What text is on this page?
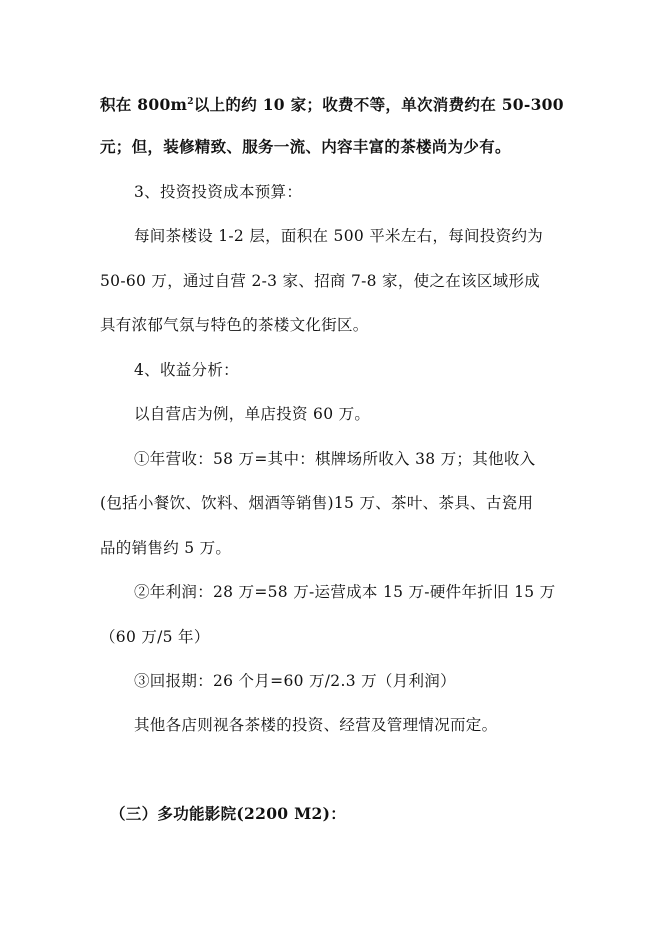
积在 $800m^2$以上的约 10 家；收费不等，单次消费约在 50-300
元；但，装修精致、服务一流、内容丰富的茶楼尚为少有。
3、投资投资成本预算：
每间茶楼设 1-2 层，面积在 500 平米左右，每间投资约为
50-60 万，通过自营 2-3 家、招商 7-8 家，使之在该区域形成
具有浓郁气氛与特色的茶楼文化街区。
4、收益分析：
以自营店为例，单店投资 60 万。
①年营收：58 万=其中：棋牌场所收入 38 万；其他收入
(包括小餐饮、饮料、烟酒等销售)15 万、茶叶、茶具、古瓷用
品的销售约 5 万。
②年利润：28 万=58 万-运营成本 15 万-硬件年折旧 15 万
（60 万/5 年）
③回报期：26 个月=60 万/2.3 万（月利润）
其他各店则视各茶楼的投资、经营及管理情况而定。
（三）多功能影院(2200 M2)：
